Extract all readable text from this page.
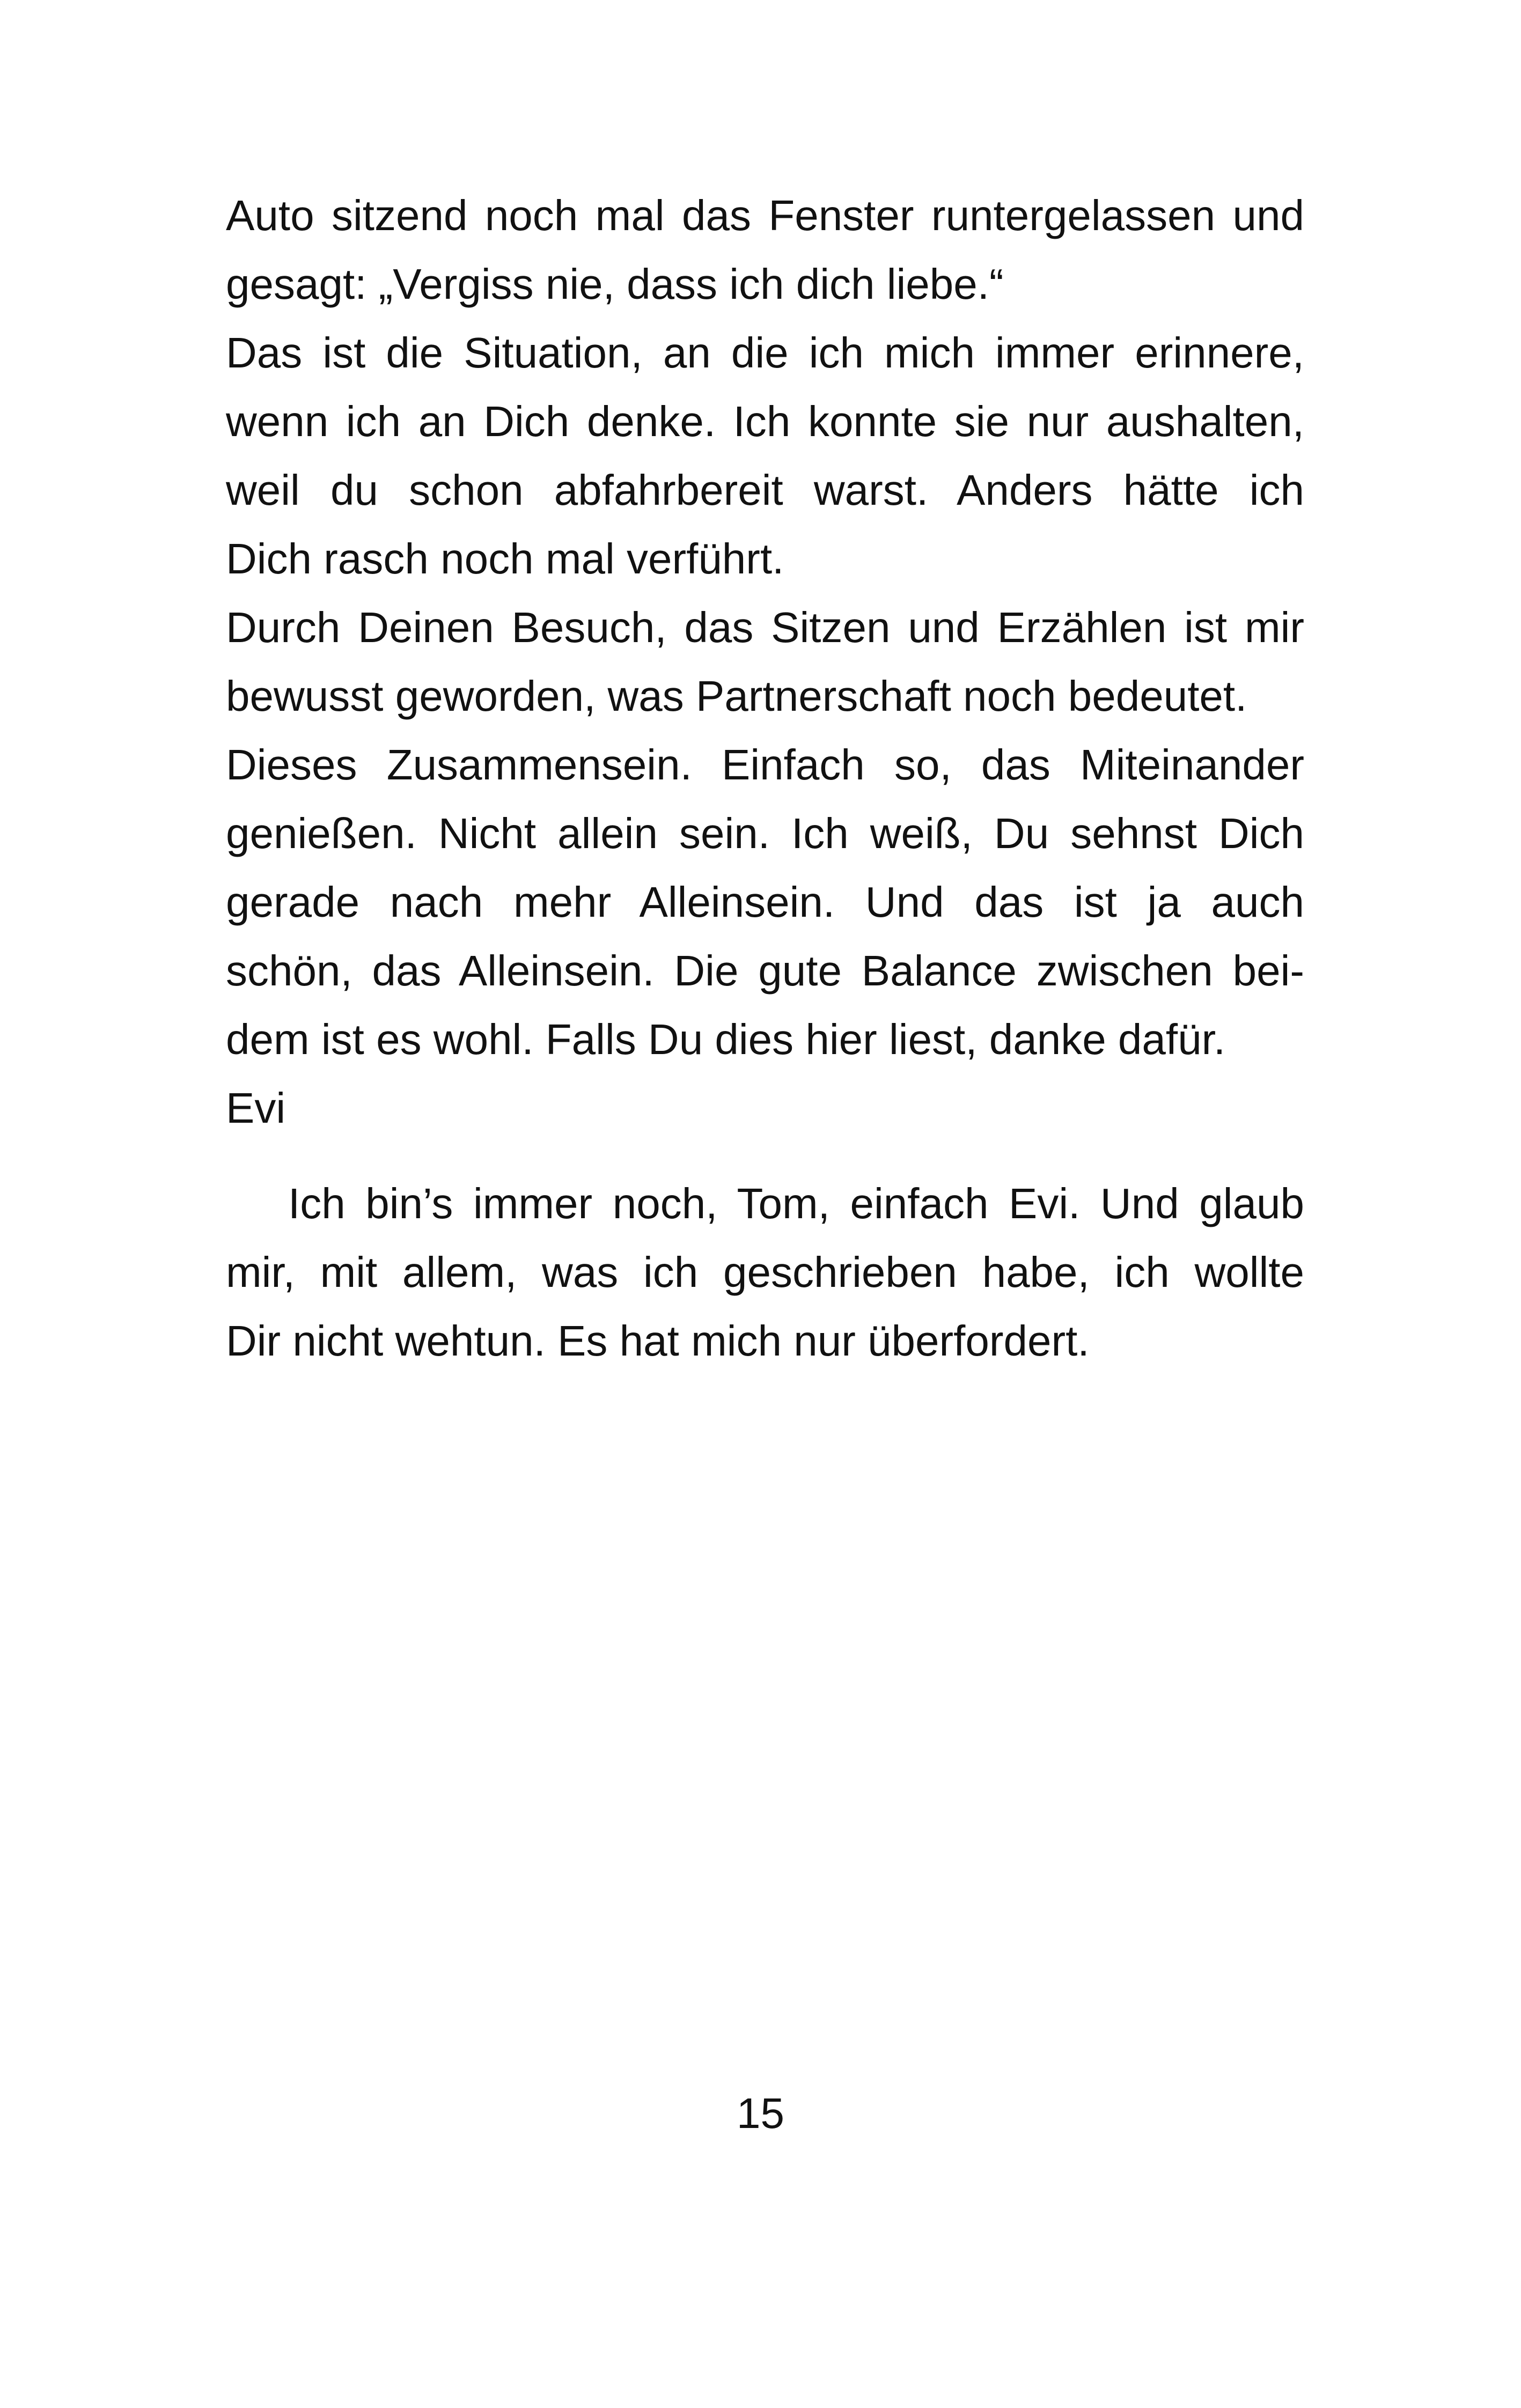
Auto sitzend noch mal das Fenster runtergelassen und
gesagt: „Vergiss nie, dass ich dich liebe.“
Das ist die Situation, an die ich mich immer erinnere,
wenn ich an Dich denke. Ich konnte sie nur aushalten,
weil du schon abfahrbereit warst. Anders hätte ich
Dich rasch noch mal verführt.
Durch Deinen Besuch, das Sitzen und Erzählen ist mir
bewusst geworden, was Partnerschaft noch bedeutet.
Dieses Zusammensein. Einfach so, das Miteinander
genießen. Nicht allein sein. Ich weiß, Du sehnst Dich
gerade nach mehr Alleinsein. Und das ist ja auch
schön, das Alleinsein. Die gute Balance zwischen bei-
dem ist es wohl. Falls Du dies hier liest, danke dafür.
Evi
Ich bin’s immer noch, Tom, einfach Evi. Und glaub
mir, mit allem, was ich geschrieben habe, ich wollte
Dir nicht wehtun. Es hat mich nur überfordert.
15
